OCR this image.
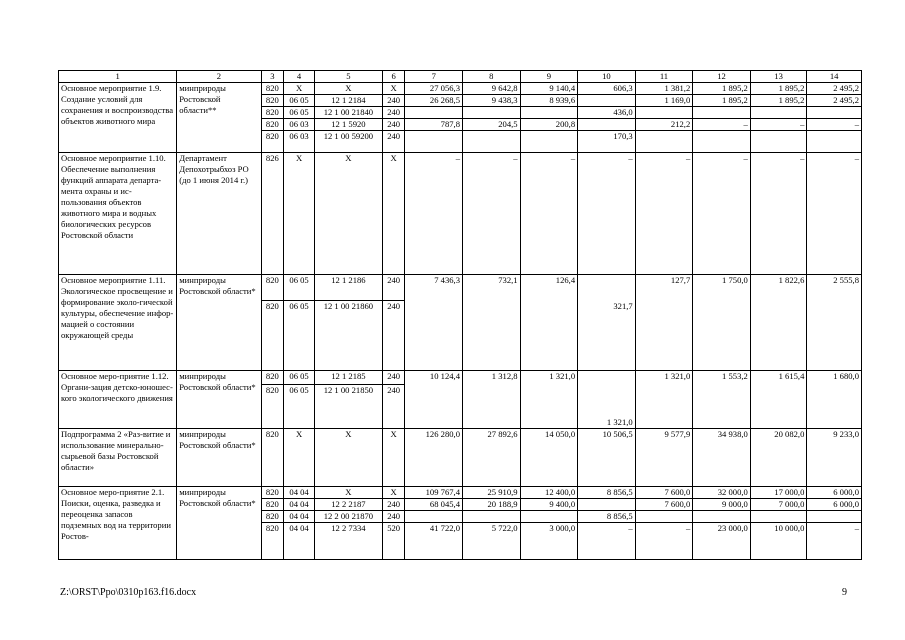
1	2	3	4	5	6	7	8	9	10	11	12	13	14
Основное мероприятие 1.9. Создание условий для сохранения и воспроизводства объектов животного мира	минприроды Ростовской области**	820	Х	Х	Х	27 056,3	9 642,8	9 140,4	606,3	1 381,2	1 895,2	1 895,2	2 495,2
		820	06 05	12 1 2184	240	26 268,5	9 438,3	8 939,6		1 169,0	1 895,2	1 895,2	2 495,2
		820	06 05	12 1 00 21840	240				436,0				
		820	06 03	12 1 5920	240	787,8	204,5	200,8		212,2	–	–	–
		820	06 03	12 1 00 59200	240				170,3				
Основное мероприятие 1.10. Обеспечение выполнения функций аппарата департа-мента охраны и ис-пользования объектов животного мира и водных биологических ресурсов Ростовской области	Департамент Депохотрыбхоз РО (до 1 июня 2014 г.)	826	Х	Х	Х	–	–	–	–	–	–	–	–
Основное мероприятие 1.11. Экологическое просвещение и формирование эколо-гической культуры, обеспечение инфор-мацией о состоянии окружающей среды	минприроды Ростовской области*	820	06 05	12 1 2186	240	7 436,3	732,1	126,4		127,7	1 750,0	1 822,6	2 555,8
		820	06 05	12 1 00 21860	240				321,7				
Основное меро-приятие 1.12. Органи-зация детско-юношес-кого экологического движения	минприроды Ростовской области*	820	06 05	12 1 2185	240	10 124,4	1 312,8	1 321,0		1 321,0	1 553,2	1 615,4	1 680,0
		820	06 05	12 1 00 21850	240				1 321,0				
Подпрограмма 2 «Раз-витие и использование минерально-сырьевой базы Ростовской области»	минприроды Ростовской области*	820	Х	Х	Х	126 280,0	27 892,6	14 050,0	10 506,5	9 577,9	34 938,0	20 082,0	9 233,0
Основное меро-приятие 2.1. Поиски, оценка, разведка и переоценка запасов подземных вод на территории Ростов-	минприроды Ростовской области*	820	04 04	Х	Х	109 767,4	25 910,9	12 400,0	8 856,5	7 600,0	32 000,0	17 000,0	6 000,0
		820	04 04	12 2 2187	240	68 045,4	20 188,9	9 400,0		7 600,0	9 000,0	7 000,0	6 000,0
		820	04 04	12 2 00 21870	240				8 856,5				
		820	04 04	12 2 7334	520	41 722,0	5 722,0	3 000,0	–	–	23 000,0	10 000,0	–
Z:\ORST\Ppo\0310p163.f16.docx	9
